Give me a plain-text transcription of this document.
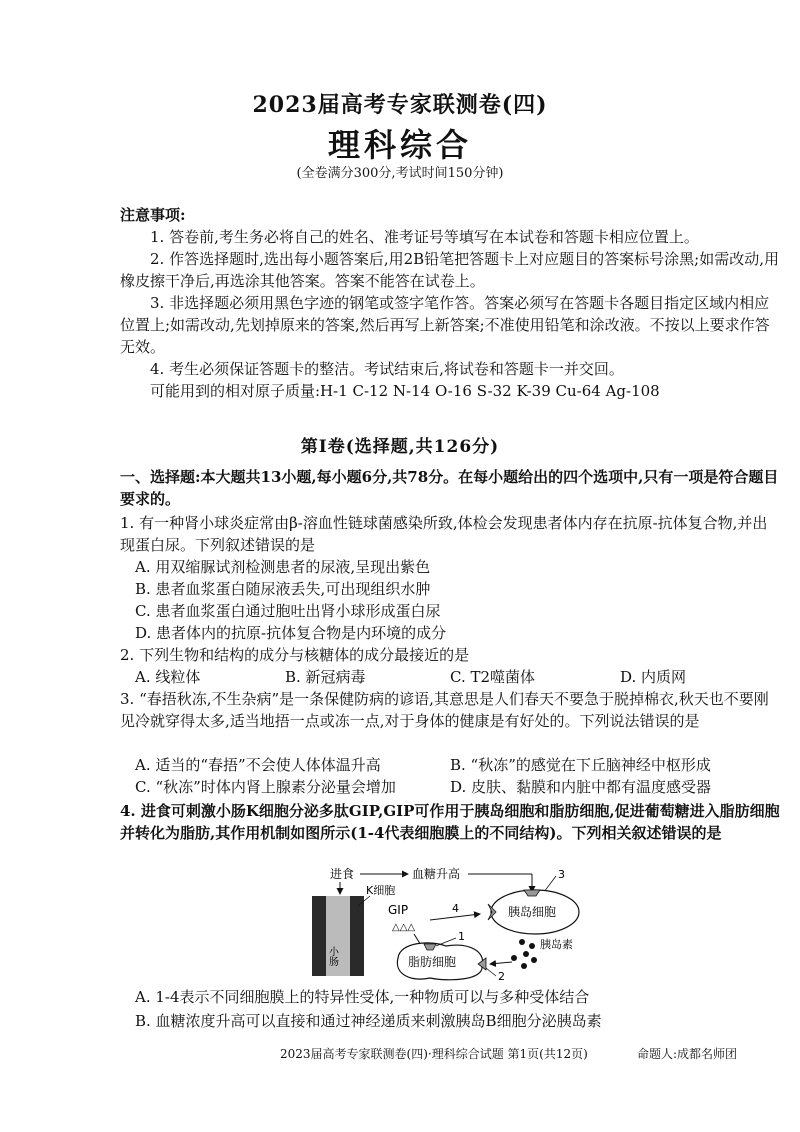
2023届高考专家联测卷(四)
理科综合
(全卷满分300分,考试时间150分钟)
注意事项:
1. 答卷前,考生务必将自己的姓名、准考证号等填写在本试卷和答题卡相应位置上。
2. 作答选择题时,选出每小题答案后,用2B铅笔把答题卡上对应题目的答案标号涂黑;如需改动,用橡皮擦干净后,再选涂其他答案。答案不能答在试卷上。
3. 非选择题必须用黑色字迹的钢笔或签字笔作答。答案必须写在答题卡各题目指定区域内相应位置上;如需改动,先划掉原来的答案,然后再写上新答案;不准使用铅笔和涂改液。不按以上要求作答无效。
4. 考生必须保证答题卡的整洁。考试结束后,将试卷和答题卡一并交回。
可能用到的相对原子质量:H-1 C-12 N-14 O-16 S-32 K-39 Cu-64 Ag-108
第Ⅰ卷(选择题,共126分)
一、选择题:本大题共13小题,每小题6分,共78分。在每小题给出的四个选项中,只有一项是符合题目要求的。
1. 有一种肾小球炎症常由β-溶血性链球菌感染所致,体检会发现患者体内存在抗原-抗体复合物,并出现蛋白尿。下列叙述错误的是
A. 用双缩脲试剂检测患者的尿液,呈现出紫色
B. 患者血浆蛋白随尿液丢失,可出现组织水肿
C. 患者血浆蛋白通过胞吐出肾小球形成蛋白尿
D. 患者体内的抗原-抗体复合物是内环境的成分
2. 下列生物和结构的成分与核糖体的成分最接近的是
A. 线粒体	B. 新冠病毒	C. T2噬菌体	D. 内质网
3. “春捂秋冻,不生杂病”是一条保健防病的谚语,其意思是人们春天不要急于脱掉棉衣,秋天也不要刚见冷就穿得太多,适当地捂一点或冻一点,对于身体的健康是有好处的。下列说法错误的是
A. 适当的“春捂”不会使人体体温升高	B. “秋冻”的感觉在下丘脑神经中枢形成
C. “秋冻”时体内肾上腺素分泌量会增加	D. 皮肤、黏膜和内脏中都有温度感受器
4. 进食可刺激小肠K细胞分泌多肽GIP,GIP可作用于胰岛细胞和脂肪细胞,促进葡萄糖进入脂肪细胞并转化为脂肪,其作用机制如图所示(1-4代表细胞膜上的不同结构)。下列相关叙述错误的是
进食	血糖升高	3
小肠
K细胞
GIP
△△△
4	胰岛细胞
胰岛素
脂肪细胞
1
2
A. 1-4表示不同细胞膜上的特异性受体,一种物质可以与多种受体结合
B. 血糖浓度升高可以直接和通过神经递质来刺激胰岛B细胞分泌胰岛素
2023届高考专家联测卷(四)·理科综合试题 第1页(共12页)	命题人:成都名师团
